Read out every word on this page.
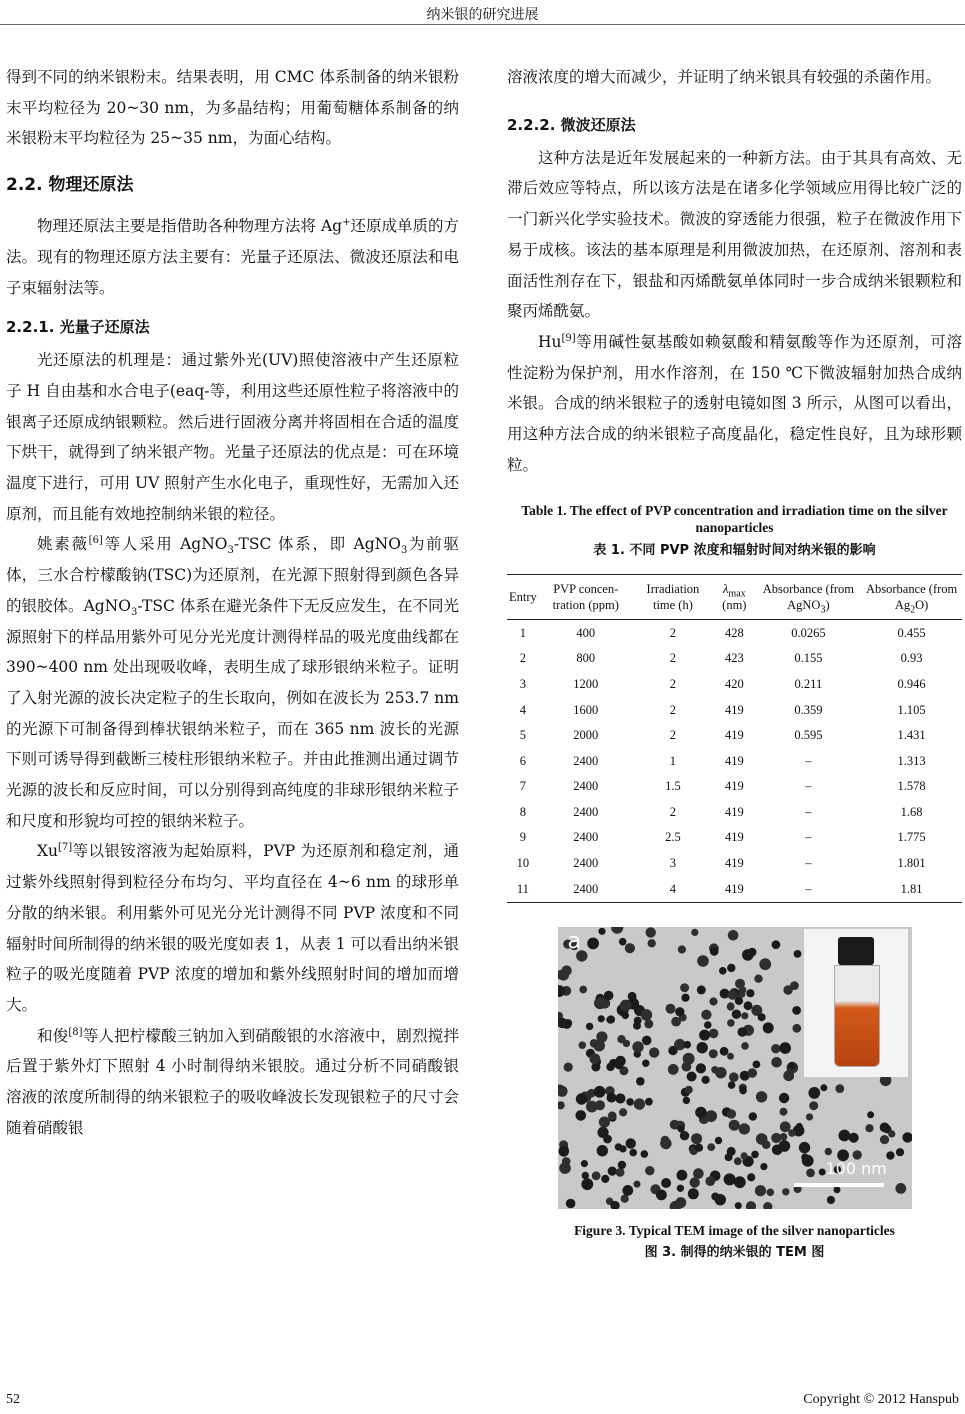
纳米银的研究进展

得到不同的纳米银粉末。结果表明，用 CMC 体系制备的纳米银粉末平均粒径为 20~30 nm，为多晶结构；用葡萄糖体系制备的纳米银粉末平均粒径为 25~35 nm，为面心结构。

2.2. 物理还原法

物理还原法主要是指借助各种物理方法将 Ag+还原成单质的方法。现有的物理还原方法主要有：光量子还原法、微波还原法和电子束辐射法等。

2.2.1. 光量子还原法

光还原法的机理是：通过紫外光(UV)照使溶液中产生还原粒子 H 自由基和水合电子(eaq-等，利用这些还原性粒子将溶液中的银离子还原成纳银颗粒。然后进行固液分离并将固相在合适的温度下烘干，就得到了纳米银产物。光量子还原法的优点是：可在环境温度下进行，可用 UV 照射产生水化电子，重现性好，无需加入还原剂，而且能有效地控制纳米银的粒径。

姚素薇[6]等人采用 AgNO$_3$-TSC 体系，即 AgNO$_3$为前驱体，三水合柠檬酸钠(TSC)为还原剂，在光源下照射得到颜色各异的银胶体。AgNO$_3$-TSC 体系在避光条件下无反应发生，在不同光源照射下的样品用紫外可见分光光度计测得样品的吸光度曲线都在 390~400 nm 处出现吸收峰，表明生成了球形银纳米粒子。证明了入射光源的波长决定粒子的生长取向，例如在波长为 253.7 nm 的光源下可制备得到棒状银纳米粒子，而在 365 nm 波长的光源下则可诱导得到截断三棱柱形银纳米粒子。并由此推测出通过调节光源的波长和反应时间，可以分别得到高纯度的非球形银纳米粒子和尺度和形貌均可控的银纳米粒子。

Xu[7]等以银铵溶液为起始原料，PVP 为还原剂和稳定剂，通过紫外线照射得到粒径分布均匀、平均直径在 4~6 nm 的球形单分散的纳米银。利用紫外可见光分光计测得不同 PVP 浓度和不同辐射时间所制得的纳米银的吸光度如表 1，从表 1 可以看出纳米银粒子的吸光度随着 PVP 浓度的增加和紫外线照射时间的增加而增大。

和俊[8]等人把柠檬酸三钠加入到硝酸银的水溶液中，剧烈搅拌后置于紫外灯下照射 4 小时制得纳米银胶。通过分析不同硝酸银溶液的浓度所制得的纳米银粒子的吸收峰波长发现银粒子的尺寸会随着硝酸银

溶液浓度的增大而减少，并证明了纳米银具有较强的杀菌作用。

2.2.2. 微波还原法

这种方法是近年发展起来的一种新方法。由于其具有高效、无滞后效应等特点，所以该方法是在诸多化学领域应用得比较广泛的一门新兴化学实验技术。微波的穿透能力很强，粒子在微波作用下易于成核。该法的基本原理是利用微波加热，在还原剂、溶剂和表面活性剂存在下，银盐和丙烯酰氨单体同时一步合成纳米银颗粒和聚丙烯酰氨。

Hu[9]等用碱性氨基酸如赖氨酸和精氨酸等作为还原剂，可溶性淀粉为保护剂，用水作溶剂，在 150 ℃下微波辐射加热合成纳米银。合成的纳米银粒子的透射电镜如图 3 所示，从图可以看出，用这种方法合成的纳米银粒子高度晶化，稳定性良好，且为球形颗粒。

Table 1. The effect of PVP concentration and irradiation time on the silver nanoparticles
表 1. 不同 PVP 浓度和辐射时间对纳米银的影响
Entry	PVP concen-tration (ppm)	Irradiation time (h)	$\lambda_{max}$ (nm)	Absorbance (from AgNO$_3$)	Absorbance (from $Ag_2O$)
1	400	2	428	0.0265	0.455
2	800	2	423	0.155	0.93
3	1200	2	420	0.211	0.946
4	1600	2	419	0.359	1.105
5	2000	2	419	0.595	1.431
6	2400	1	419	–	1.313
7	2400	1.5	419	–	1.578
8	2400	2	419	–	1.68
9	2400	2.5	419	–	1.775
10	2400	3	419	–	1.801
11	2400	4	419	–	1.81
a
100 nm
Figure 3. Typical TEM image of the silver nanoparticles
图 3. 制得的纳米银的 TEM 图
52	Copyright © 2012 Hanspub
